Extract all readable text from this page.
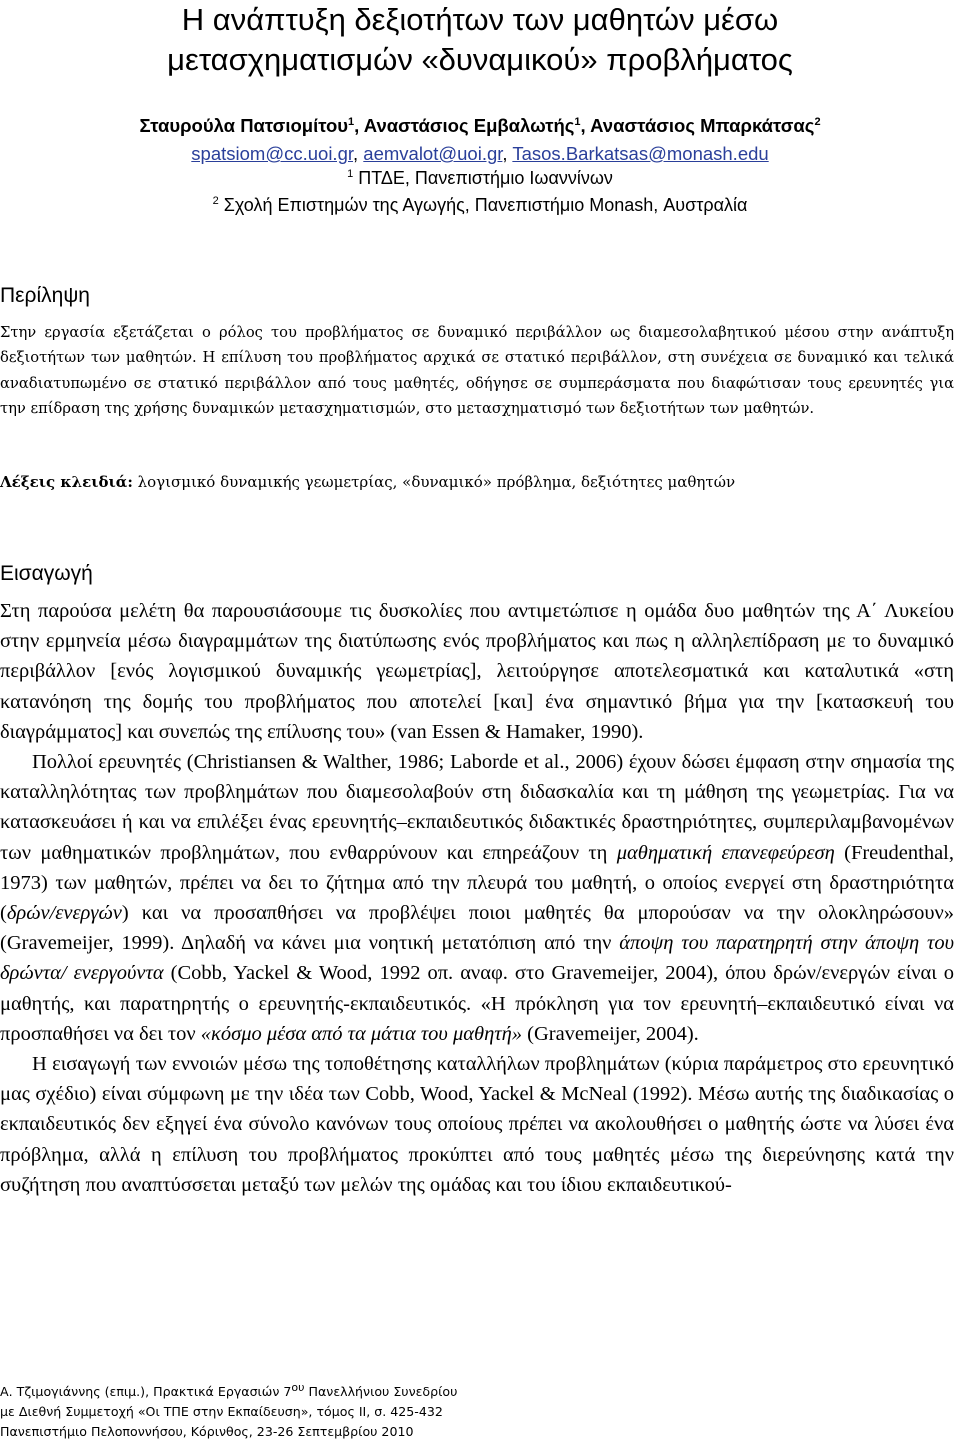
Η ανάπτυξη δεξιοτήτων των μαθητών μέσω
μετασχηματισμών «δυναμικού» προβλήματος
Σταυρούλα Πατσιομίτου$^1$, Αναστάσιος Εμβαλωτής$^1$, Αναστάσιος Μπαρκάτσας$^2$
spatsiom@cc.uoi.gr, aemvalot@uoi.gr, Tasos.Barkatsas@monash.edu
$^1$ ΠΤΔΕ, Πανεπιστήμιο Ιωαννίνων
$^2$ Σχολή Επιστημών της Αγωγής, Πανεπιστήμιο Monash, Αυστραλία
Περίληψη

Στην εργασία εξετάζεται ο ρόλος του προβλήματος σε δυναμικό περιβάλλον ως διαμεσολαβητικού μέσου στην ανάπτυξη δεξιοτήτων των μαθητών. Η επίλυση του προβλήματος αρχικά σε στατικό περιβάλλον, στη συνέχεια σε δυναμικό και τελικά αναδιατυπωμένο σε στατικό περιβάλλον από τους μαθητές, οδήγησε σε συμπεράσματα που διαφώτισαν τους ερευνητές για την επίδραση της χρήσης δυναμικών μετασχηματισμών, στο μετασχηματισμό των δεξιοτήτων των μαθητών.

Λέξεις κλειδιά: λογισμικό δυναμικής γεωμετρίας, «δυναμικό» πρόβλημα, δεξιότητες μαθητών

Εισαγωγή

Στη παρούσα μελέτη θα παρουσιάσουμε τις δυσκολίες που αντιμετώπισε η ομάδα δυο μαθητών της Α΄ Λυκείου στην ερμηνεία μέσω διαγραμμάτων της διατύπωσης ενός προβλήματος και πως η αλληλεπίδραση με το δυναμικό περιβάλλον [ενός λογισμικού δυναμικής γεωμετρίας], λειτούργησε αποτελεσματικά και καταλυτικά «στη κατανόηση της δομής του προβλήματος που αποτελεί [και] ένα σημαντικό βήμα για την [κατασκευή του διαγράμματος] και συνεπώς της επίλυσης του» (van Essen & Hamaker, 1990).

Πολλοί ερευνητές (Christiansen & Walther, 1986; Laborde et al., 2006) έχουν δώσει έμφαση στην σημασία της καταλληλότητας των προβλημάτων που διαμεσολαβούν στη διδασκαλία και τη μάθηση της γεωμετρίας. Για να κατασκευάσει ή και να επιλέξει ένας ερευνητής–εκπαιδευτικός διδακτικές δραστηριότητες, συμπεριλαμβανομένων των μαθηματικών προβλημάτων, που ενθαρρύνουν και επηρεάζουν τη μαθηματική επανεφεύρεση (Freudenthal, 1973) των μαθητών, πρέπει να δει το ζήτημα από την πλευρά του μαθητή, ο οποίος ενεργεί στη δραστηριότητα (δρών/ενεργών) και να προσαπθήσει να προβλέψει ποιοι μαθητές θα μπορούσαν να την ολοκληρώσουν» (Gravemeijer, 1999). Δηλαδή να κάνει μια νοητική μετατόπιση από την άποψη του παρατηρητή στην άποψη του δρώντα/ ενεργούντα (Cobb, Yackel & Wood, 1992 οπ. αναφ. στο Gravemeijer, 2004), όπου δρών/ενεργών είναι ο μαθητής, και παρατηρητής ο ερευνητής-εκπαιδευτικός. «Η πρόκληση για τον ερευνητή–εκπαιδευτικό είναι να προσπαθήσει να δει τον «κόσμο μέσα από τα μάτια του μαθητή» (Gravemeijer, 2004).

Η εισαγωγή των εννοιών μέσω της τοποθέτησης καταλλήλων προβλημάτων (κύρια παράμετρος στο ερευνητικό μας σχέδιο) είναι σύμφωνη με την ιδέα των Cobb, Wood, Yackel & McNeal (1992). Μέσω αυτής της διαδικασίας ο εκπαιδευτικός δεν εξηγεί ένα σύνολο κανόνων τους οποίους πρέπει να ακολουθήσει ο μαθητής ώστε να λύσει ένα πρόβλημα, αλλά η επίλυση του προβλήματος προκύπτει από τους μαθητές μέσω της διερεύνησης κατά την συζήτηση που αναπτύσσεται μεταξύ των μελών της ομάδας και του ίδιου εκπαιδευτικού-

Α. Τζιμογιάννης (επιμ.), Πρακτικά Εργασιών $7^{o\upsilon}$ Πανελλήνιου Συνεδρίου
με Διεθνή Συμμετοχή «Οι ΤΠΕ στην Εκπαίδευση», τόμος ΙΙ, σ. 425-432
Πανεπιστήμιο Πελοποννήσου, Κόρινθος, 23-26 Σεπτεμβρίου 2010
